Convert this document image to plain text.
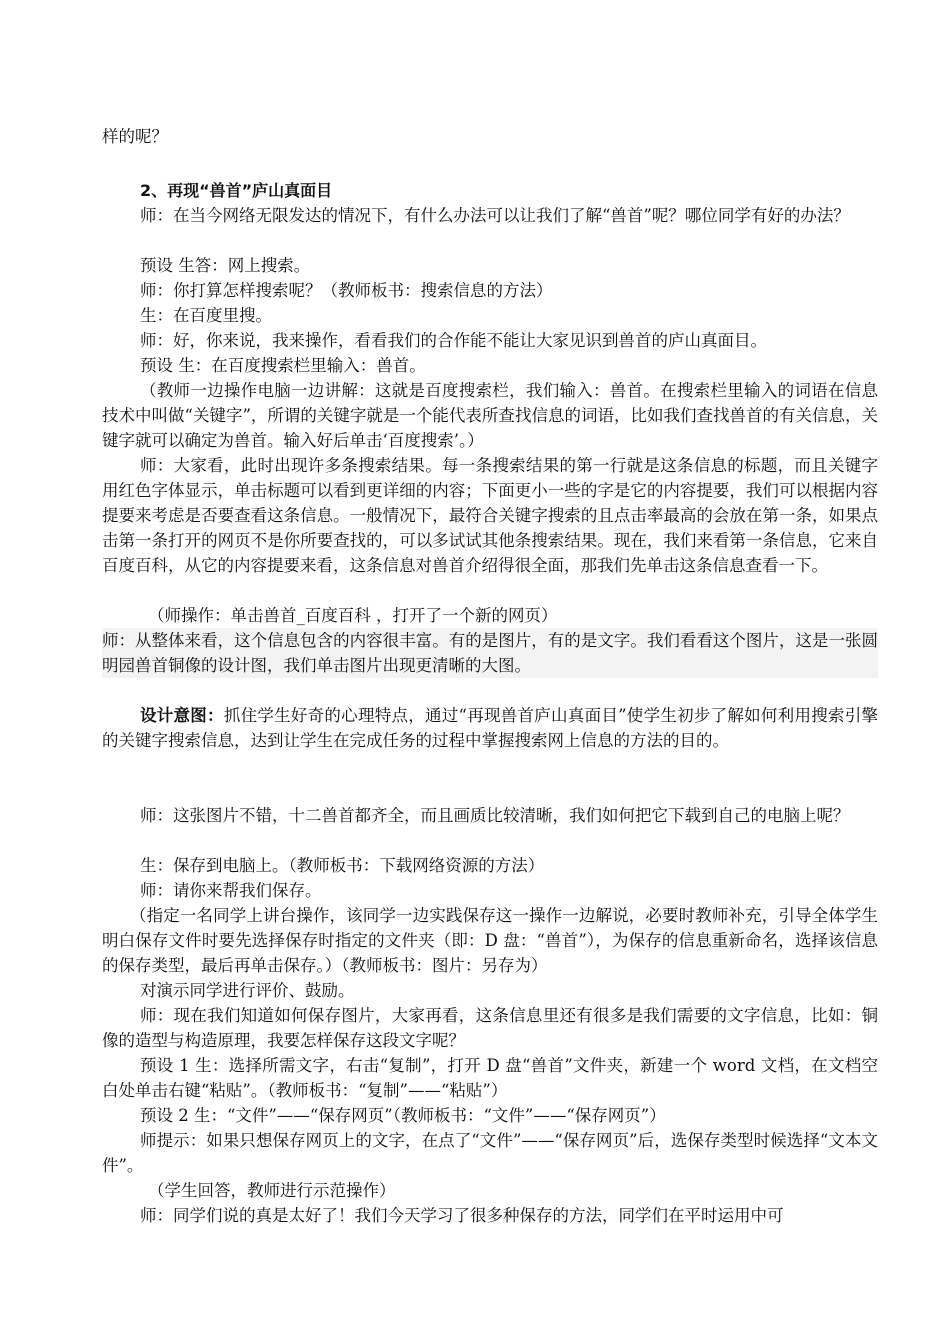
样的呢？
2、再现“兽首”庐山真面目
师：在当今网络无限发达的情况下，有什么办法可以让我们了解“兽首”呢？哪位同学有好的办法？
预设 生答：网上搜索。
师：你打算怎样搜索呢？（教师板书：搜索信息的方法）
生：在百度里搜。
师：好，你来说，我来操作，看看我们的合作能不能让大家见识到兽首的庐山真面目。
预设 生：在百度搜索栏里输入：兽首。
（教师一边操作电脑一边讲解：这就是百度搜索栏，我们输入：兽首。在搜索栏里输入的词语在信息技术中叫做“关键字”，所谓的关键字就是一个能代表所查找信息的词语，比如我们查找兽首的有关信息，关键字就可以确定为兽首。输入好后单击‘百度搜索’。）
师：大家看，此时出现许多条搜索结果。每一条搜索结果的第一行就是这条信息的标题，而且关键字用红色字体显示，单击标题可以看到更详细的内容；下面更小一些的字是它的内容提要，我们可以根据内容提要来考虑是否要查看这条信息。一般情况下，最符合关键字搜索的且点击率最高的会放在第一条，如果点击第一条打开的网页不是你所要查找的，可以多试试其他条搜索结果。现在，我们来看第一条信息，它来自百度百科，从它的内容提要来看，这条信息对兽首介绍得很全面，那我们先单击这条信息查看一下。
（师操作：单击兽首_百度百科 ，打开了一个新的网页）
师：从整体来看，这个信息包含的内容很丰富。有的是图片，有的是文字。我们看看这个图片，这是一张圆明园兽首铜像的设计图，我们单击图片出现更清晰的大图。
设计意图：抓住学生好奇的心理特点，通过“再现兽首庐山真面目”使学生初步了解如何利用搜索引擎的关键字搜索信息，达到让学生在完成任务的过程中掌握搜索网上信息的方法的目的。
师：这张图片不错，十二兽首都齐全，而且画质比较清晰，我们如何把它下载到自己的电脑上呢？
生：保存到电脑上。（教师板书：下载网络资源的方法）
师：请你来帮我们保存。
（指定一名同学上讲台操作，该同学一边实践保存这一操作一边解说，必要时教师补充，引导全体学生明白保存文件时要先选择保存时指定的文件夹（即：D 盘：“兽首”），为保存的信息重新命名，选择该信息的保存类型，最后再单击保存。）（教师板书：图片：另存为）
对演示同学进行评价、鼓励。
师：现在我们知道如何保存图片，大家再看，这条信息里还有很多是我们需要的文字信息，比如：铜像的造型与构造原理，我要怎样保存这段文字呢？
预设 1 生：选择所需文字，右击“复制”，打开 D 盘“兽首”文件夹，新建一个 word 文档，在文档空白处单击右键“粘贴”。（教师板书：“复制”——“粘贴”）
预设 2 生：“文件”——“保存网页”（教师板书：“文件”——“保存网页”）
师提示：如果只想保存网页上的文字，在点了“文件”——“保存网页”后，选保存类型时候选择“文本文件”。
（学生回答，教师进行示范操作）
师：同学们说的真是太好了！我们今天学习了很多种保存的方法，同学们在平时运用中可
